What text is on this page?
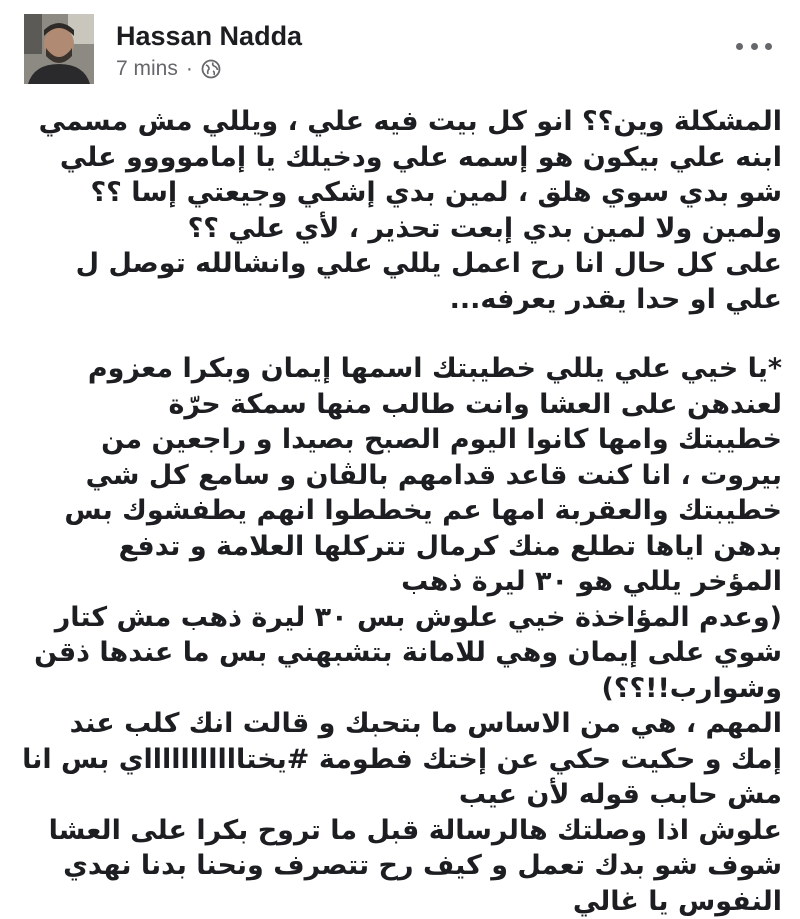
Hassan Nadda
7 mins ·
المشكلة وين؟؟ انو كل بيت فيه علي ، ويللي مش مسمي ابنه علي بيكون هو إسمه علي ودخيلك يا إماموووو علي شو بدي سوي هلق ، لمين بدي إشكي وجيعتي إسا ؟؟ ولمين ولا لمين بدي إبعت تحذير ، لأي علي ؟؟
على كل حال انا رح اعمل يللي علي وانشالله توصل ل علي او حدا يقدر يعرفه...
*يا خيي علي يللي خطيبتك اسمها إيمان وبكرا معزوم لعندهن على العشا وانت طالب منها سمكة حرّة
خطيبتك وامها كانوا اليوم الصبح بصيدا و راجعين من بيروت ، انا كنت قاعد قدامهم بالڤان و سامع كل شي
خطيبتك والعقربة امها عم يخططوا انهم يطفشوك بس بدهن اياها تطلع منك كرمال تتركلها العلامة و تدفع المؤخر يللي هو ٣٠ ليرة ذهب
(وعدم المؤاخذة خيي علوش بس ٣٠ ليرة ذهب مش كتار شوي على إيمان وهي للامانة بتشبهني بس ما عندها ذقن وشوارب!!؟؟)
المهم ، هي من الاساس ما بتحبك و قالت انك كلب عند إمك و حكيت حكي عن إختك فطومة #يختاااااااااااي بس انا مش حابب قوله لأن عيب
علوش اذا وصلتك هالرسالة قبل ما تروح بكرا على العشا شوف شو بدك تعمل و كيف رح تتصرف ونحنا بدنا نهدي النفوس يا غالي
